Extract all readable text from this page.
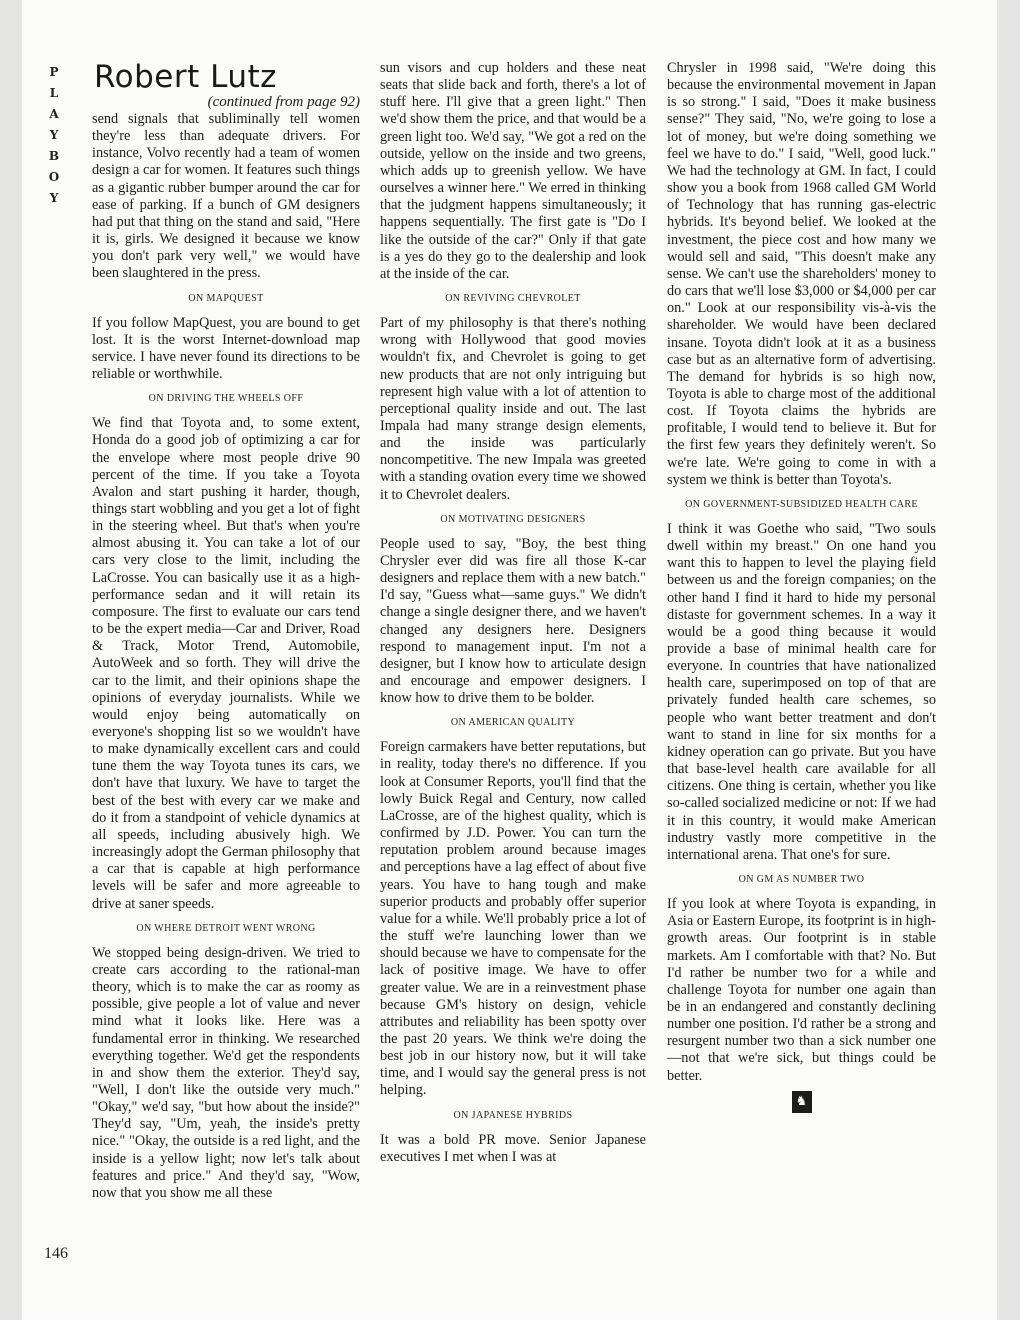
P
L
A
Y
B
O
Y
146
Robert Lutz

(continued from page 92)

send signals that subliminally tell women they're less than adequate drivers. For instance, Volvo recently had a team of women design a car for women. It features such things as a gigantic rubber bumper around the car for ease of parking. If a bunch of GM designers had put that thing on the stand and said, "Here it is, girls. We designed it because we know you don't park very well," we would have been slaughtered in the press.

ON MAPQUEST

If you follow MapQuest, you are bound to get lost. It is the worst Internet-download map service. I have never found its directions to be reliable or worthwhile.

ON DRIVING THE WHEELS OFF

We find that Toyota and, to some extent, Honda do a good job of optimizing a car for the envelope where most people drive 90 percent of the time. If you take a Toyota Avalon and start pushing it harder, though, things start wobbling and you get a lot of fight in the steering wheel. But that's when you're almost abusing it. You can take a lot of our cars very close to the limit, including the LaCrosse. You can basically use it as a high-performance sedan and it will retain its composure. The first to evaluate our cars tend to be the expert media—Car and Driver, Road & Track, Motor Trend, Automobile, AutoWeek and so forth. They will drive the car to the limit, and their opinions shape the opinions of everyday journalists. While we would enjoy being automatically on everyone's shopping list so we wouldn't have to make dynamically excellent cars and could tune them the way Toyota tunes its cars, we don't have that luxury. We have to target the best of the best with every car we make and do it from a standpoint of vehicle dynamics at all speeds, including abusively high. We increasingly adopt the German philosophy that a car that is capable at high performance levels will be safer and more agreeable to drive at saner speeds.

ON WHERE DETROIT WENT WRONG

We stopped being design-driven. We tried to create cars according to the rational-man theory, which is to make the car as roomy as possible, give people a lot of value and never mind what it looks like. Here was a fundamental error in thinking. We researched everything together. We'd get the respondents in and show them the exterior. They'd say, "Well, I don't like the outside very much." "Okay," we'd say, "but how about the inside?" They'd say, "Um, yeah, the inside's pretty nice." "Okay, the outside is a red light, and the inside is a yellow light; now let's talk about features and price." And they'd say, "Wow, now that you show me all these

sun visors and cup holders and these neat seats that slide back and forth, there's a lot of stuff here. I'll give that a green light." Then we'd show them the price, and that would be a green light too. We'd say, "We got a red on the outside, yellow on the inside and two greens, which adds up to greenish yellow. We have ourselves a winner here." We erred in thinking that the judgment happens simultaneously; it happens sequentially. The first gate is "Do I like the outside of the car?" Only if that gate is a yes do they go to the dealership and look at the inside of the car.

ON REVIVING CHEVROLET

Part of my philosophy is that there's nothing wrong with Hollywood that good movies wouldn't fix, and Chevrolet is going to get new products that are not only intriguing but represent high value with a lot of attention to perceptional quality inside and out. The last Impala had many strange design elements, and the inside was particularly noncompetitive. The new Impala was greeted with a standing ovation every time we showed it to Chevrolet dealers.

ON MOTIVATING DESIGNERS

People used to say, "Boy, the best thing Chrysler ever did was fire all those K-car designers and replace them with a new batch." I'd say, "Guess what—same guys." We didn't change a single designer there, and we haven't changed any designers here. Designers respond to management input. I'm not a designer, but I know how to articulate design and encourage and empower designers. I know how to drive them to be bolder.

ON AMERICAN QUALITY

Foreign carmakers have better reputations, but in reality, today there's no difference. If you look at Consumer Reports, you'll find that the lowly Buick Regal and Century, now called LaCrosse, are of the highest quality, which is confirmed by J.D. Power. You can turn the reputation problem around because images and perceptions have a lag effect of about five years. You have to hang tough and make superior products and probably offer superior value for a while. We'll probably price a lot of the stuff we're launching lower than we should because we have to compensate for the lack of positive image. We have to offer greater value. We are in a reinvestment phase because GM's history on design, vehicle attributes and reliability has been spotty over the past 20 years. We think we're doing the best job in our history now, but it will take time, and I would say the general press is not helping.

ON JAPANESE HYBRIDS

It was a bold PR move. Senior Japanese executives I met when I was at

Chrysler in 1998 said, "We're doing this because the environmental movement in Japan is so strong." I said, "Does it make business sense?" They said, "No, we're going to lose a lot of money, but we're doing something we feel we have to do." I said, "Well, good luck." We had the technology at GM. In fact, I could show you a book from 1968 called GM World of Technology that has running gas-electric hybrids. It's beyond belief. We looked at the investment, the piece cost and how many we would sell and said, "This doesn't make any sense. We can't use the shareholders' money to do cars that we'll lose $3,000 or $4,000 per car on." Look at our responsibility vis-à-vis the shareholder. We would have been declared insane. Toyota didn't look at it as a business case but as an alternative form of advertising. The demand for hybrids is so high now, Toyota is able to charge most of the additional cost. If Toyota claims the hybrids are profitable, I would tend to believe it. But for the first few years they definitely weren't. So we're late. We're going to come in with a system we think is better than Toyota's.

ON GOVERNMENT-SUBSIDIZED HEALTH CARE

I think it was Goethe who said, "Two souls dwell within my breast." On one hand you want this to happen to level the playing field between us and the foreign companies; on the other hand I find it hard to hide my personal distaste for government schemes. In a way it would be a good thing because it would provide a base of minimal health care for everyone. In countries that have nationalized health care, superimposed on top of that are privately funded health care schemes, so people who want better treatment and don't want to stand in line for six months for a kidney operation can go private. But you have that base-level health care available for all citizens. One thing is certain, whether you like so-called socialized medicine or not: If we had it in this country, it would make American industry vastly more competitive in the international arena. That one's for sure.

ON GM AS NUMBER TWO

If you look at where Toyota is expanding, in Asia or Eastern Europe, its footprint is in high-growth areas. Our footprint is in stable markets. Am I comfortable with that? No. But I'd rather be number two for a while and challenge Toyota for number one again than be in an endangered and constantly declining number one position. I'd rather be a strong and resurgent number two than a sick number one—not that we're sick, but things could be better.

♞
